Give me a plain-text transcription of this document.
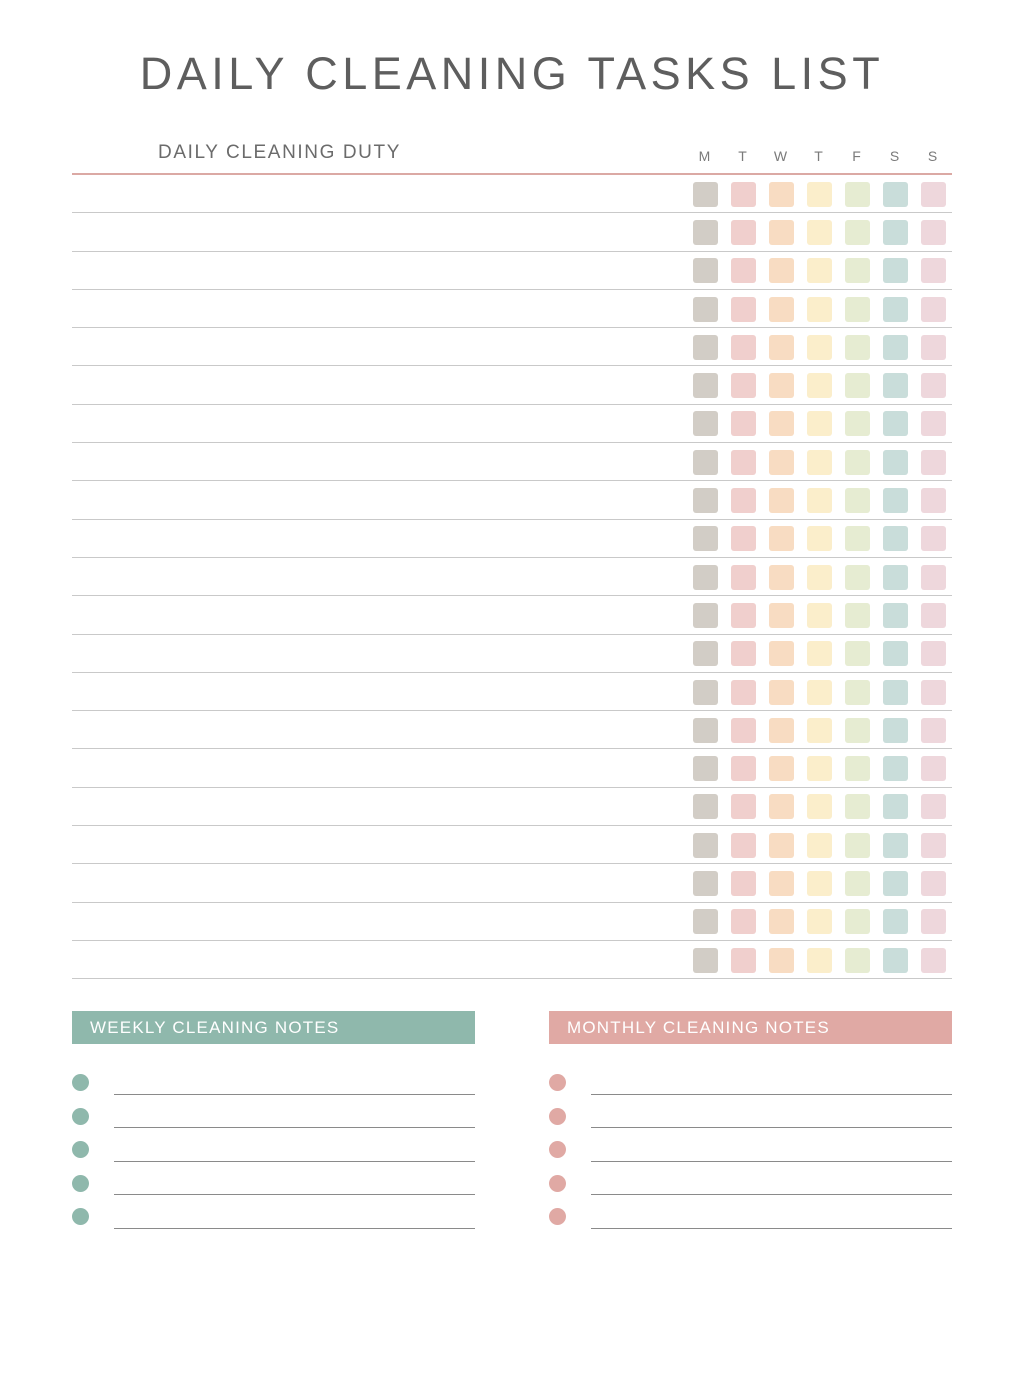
DAILY CLEANING TASKS LIST
DAILY CLEANING DUTY	M	T	W	T	F	S	S
WEEKLY CLEANING NOTES	MONTHLY CLEANING NOTES
